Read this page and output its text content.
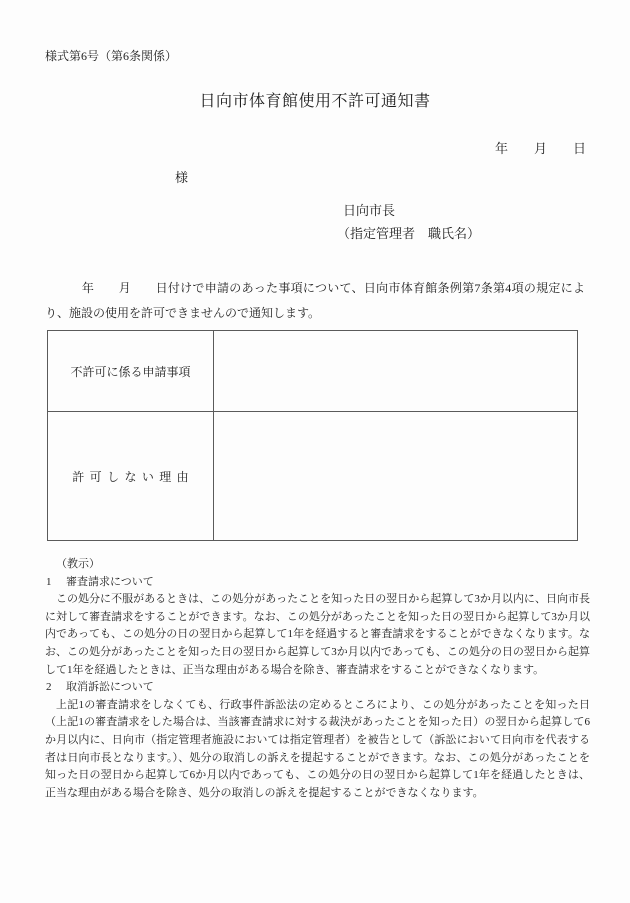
様式第6号（第6条関係）
日向市体育館使用不許可通知書
年　　月　　日
様
日向市長
（指定管理者　職氏名）
　　　年　　月　　日付けで申請のあった事項について、日向市体育館条例第7条第4項の規定により、施設の使用を許可できませんので通知します。
不許可に係る申請事項	
許可しない理由	
（教示）
1 審査請求について

この処分に不服があるときは、この処分があったことを知った日の翌日から起算して3か月以内に、日向市長に対して審査請求をすることができます。なお、この処分があったことを知った日の翌日から起算して3か月以内であっても、この処分の日の翌日から起算して1年を経過すると審査請求をすることができなくなります。なお、この処分があったことを知った日の翌日から起算して3か月以内であっても、この処分の日の翌日から起算して1年を経過したときは、正当な理由がある場合を除き、審査請求をすることができなくなります。

2 取消訴訟について

上記1の審査請求をしなくても、行政事件訴訟法の定めるところにより、この処分があったことを知った日（上記1の審査請求をした場合は、当該審査請求に対する裁決があったことを知った日）の翌日から起算して6か月以内に、日向市（指定管理者施設においては指定管理者）を被告として（訴訟において日向市を代表する者は日向市長となります。）、処分の取消しの訴えを提起することができます。なお、この処分があったことを知った日の翌日から起算して6か月以内であっても、この処分の日の翌日から起算して1年を経過したときは、正当な理由がある場合を除き、処分の取消しの訴えを提起することができなくなります。
